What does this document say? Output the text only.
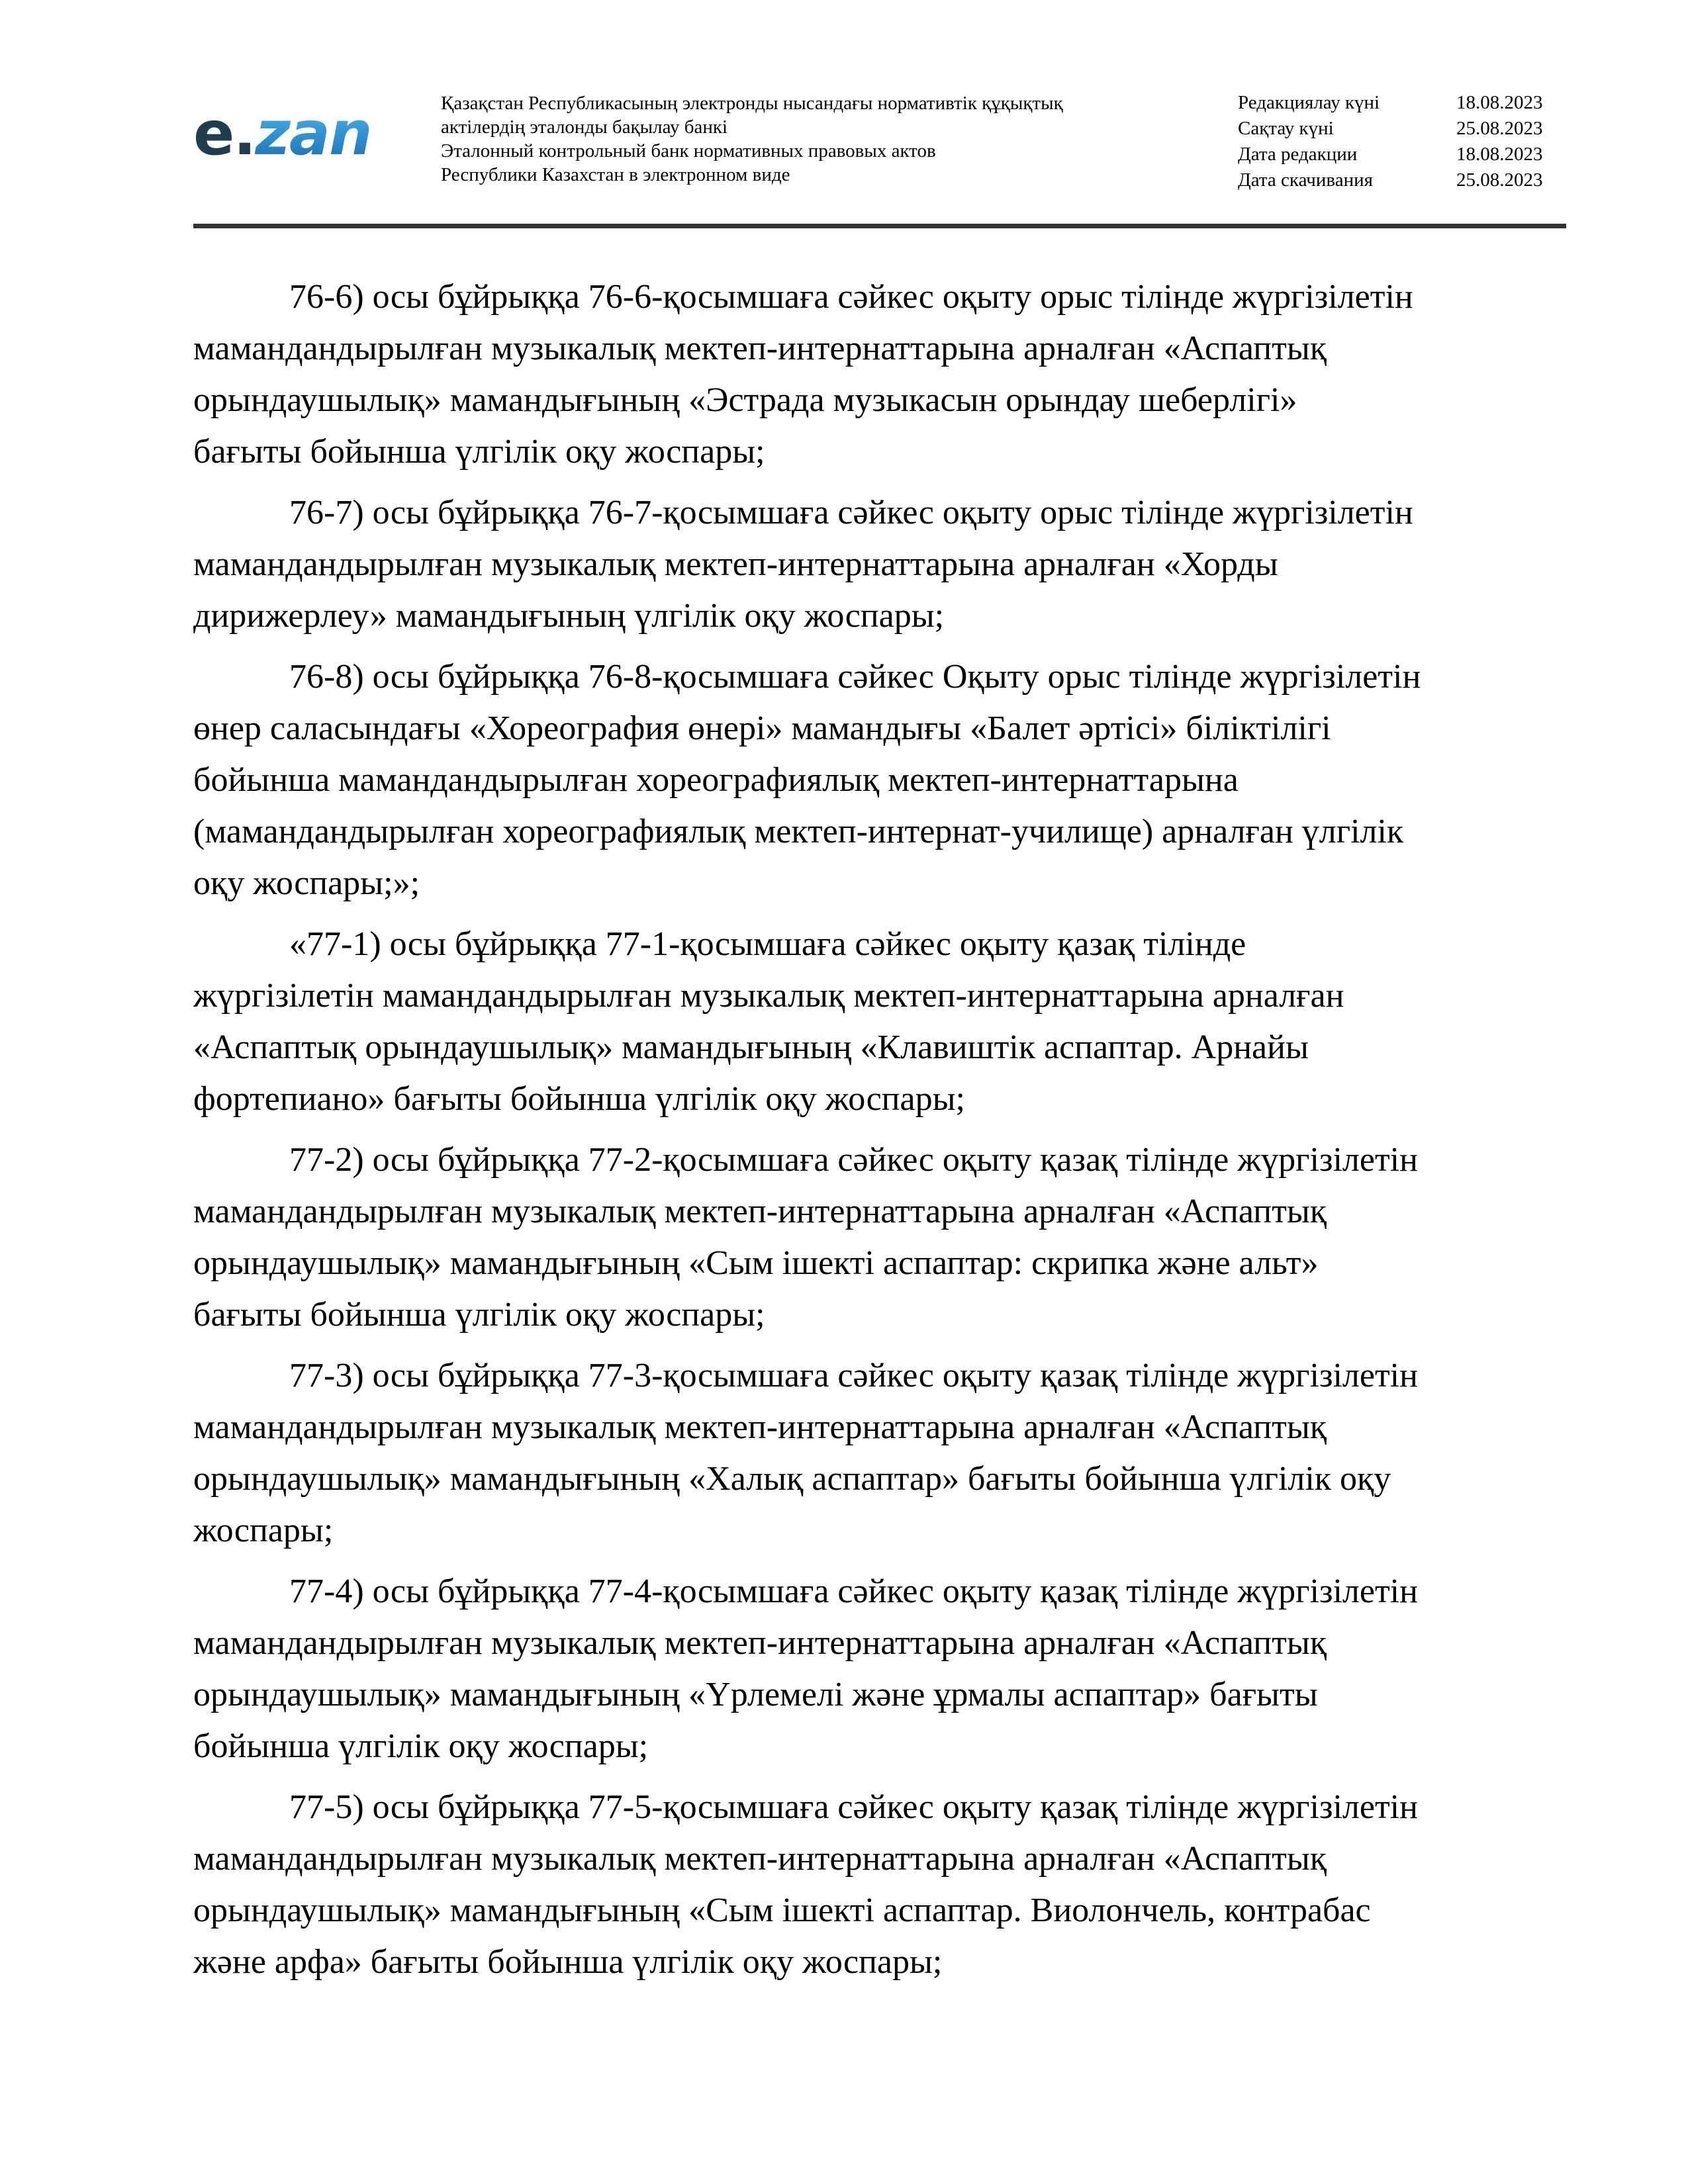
e.zan	Қазақстан Республикасының электронды нысандағы нормативтік құқықтық
актілердің эталонды бақылау банкі
Эталонный контрольный банк нормативных правовых актов
Республики Казахстан в электронном виде
Редакциялау күні	18.08.2023
Сақтау күні	25.08.2023
Дата редакции	18.08.2023
Дата скачивания	25.08.2023

76-6) осы бұйрыққа 76-6-қосымшаға сәйкес оқыту орыс тілінде жүргізілетін
мамандандырылған музыкалық мектеп-интернаттарына арналған «Аспаптық
орындаушылық» мамандығының «Эстрада музыкасын орындау шеберлігі»
бағыты бойынша үлгілік оқу жоспары;

76-7) осы бұйрыққа 76-7-қосымшаға сәйкес оқыту орыс тілінде жүргізілетін
мамандандырылған музыкалық мектеп-интернаттарына арналған «Хорды
дирижерлеу» мамандығының үлгілік оқу жоспары;

76-8) осы бұйрыққа 76-8-қосымшаға сәйкес Оқыту орыс тілінде жүргізілетін
өнер саласындағы «Хореография өнері» мамандығы «Балет әртісі» біліктілігі
бойынша мамандандырылған хореографиялық мектеп-интернаттарына
(мамандандырылған хореографиялық мектеп-интернат-училище) арналған үлгілік
оқу жоспары;»;

«77-1) осы бұйрыққа 77-1-қосымшаға сәйкес оқыту қазақ тілінде
жүргізілетін мамандандырылған музыкалық мектеп-интернаттарына арналған
«Аспаптық орындаушылық» мамандығының «Клавиштік аспаптар. Арнайы
фортепиано» бағыты бойынша үлгілік оқу жоспары;

77-2) осы бұйрыққа 77-2-қосымшаға сәйкес оқыту қазақ тілінде жүргізілетін
мамандандырылған музыкалық мектеп-интернаттарына арналған «Аспаптық
орындаушылық» мамандығының «Сым ішекті аспаптар: скрипка және альт»
бағыты бойынша үлгілік оқу жоспары;

77-3) осы бұйрыққа 77-3-қосымшаға сәйкес оқыту қазақ тілінде жүргізілетін
мамандандырылған музыкалық мектеп-интернаттарына арналған «Аспаптық
орындаушылық» мамандығының «Халық аспаптар» бағыты бойынша үлгілік оқу
жоспары;

77-4) осы бұйрыққа 77-4-қосымшаға сәйкес оқыту қазақ тілінде жүргізілетін
мамандандырылған музыкалық мектеп-интернаттарына арналған «Аспаптық
орындаушылық» мамандығының «Үрлемелі және ұрмалы аспаптар» бағыты
бойынша үлгілік оқу жоспары;

77-5) осы бұйрыққа 77-5-қосымшаға сәйкес оқыту қазақ тілінде жүргізілетін
мамандандырылған музыкалық мектеп-интернаттарына арналған «Аспаптық
орындаушылық» мамандығының «Сым ішекті аспаптар. Виолончель, контрабас
және арфа» бағыты бойынша үлгілік оқу жоспары;
